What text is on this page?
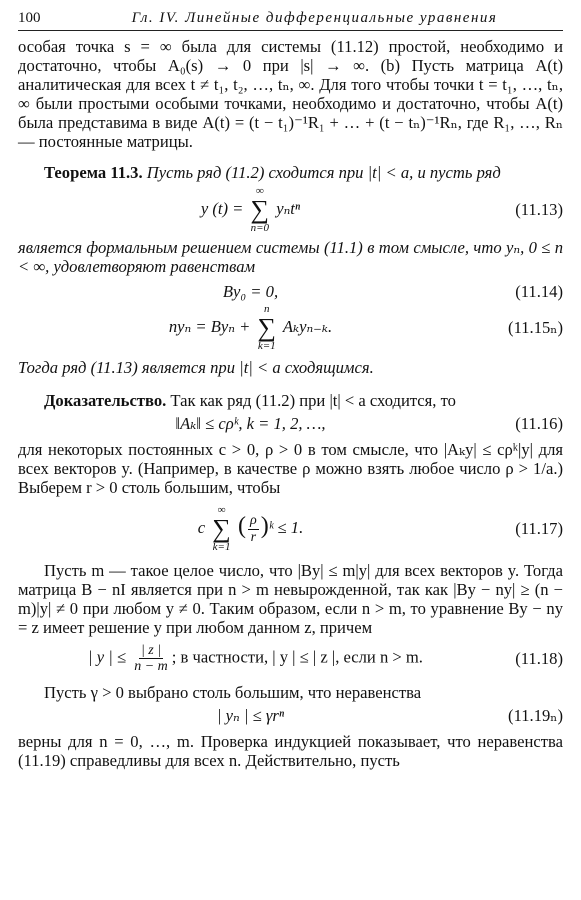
100	Гл. IV. Линейные дифференциальные уравнения

особая точка s = ∞ была для системы (11.12) простой, необходимо и достаточно, чтобы A₀(s) → 0 при |s| → ∞. (b) Пусть матрица A(t) аналитическая для всех t ≠ t₁, t₂, …, tₙ, ∞. Для того чтобы точки t = t₁, …, tₙ, ∞ были простыми особыми точками, необходимо и достаточно, чтобы A(t) была представима в виде A(t) = (t − t₁)⁻¹R₁ + … + (t − tₙ)⁻¹Rₙ, где R₁, …, Rₙ — постоянные матрицы.

Теорема 11.3. Пусть ряд (11.2) сходится при |t| < a, и пусть ряд

y (t) =
∞
∑
n=0
yₙtⁿ	(11.13)

является формальным решением системы (11.1) в том смысле, что yₙ, 0 ≤ n < ∞, удовлетворяют равенствам

By₀ = 0,	(11.14)
nyₙ = Byₙ +
n
∑
k=1
Aₖyₙ₋ₖ.	(11.15ₙ)

Тогда ряд (11.13) является при |t| < a сходящимся.

Доказательство. Так как ряд (11.2) при |t| < a сходится, то

‖Aₖ‖ ≤ cρᵏ, k = 1, 2, …,	(11.16)

для некоторых постоянных c > 0, ρ > 0 в том смысле, что |Aₖy| ≤ cρᵏ|y| для всех векторов y. (Например, в качестве ρ можно взять любое число ρ > 1/a.) Выберем r > 0 столь большим, чтобы

c
∞
∑
k=1
( $\frac{\rho}{r}$ )ᵏ ≤ 1.	(11.17)

Пусть m — такое целое число, что |By| ≤ m|y| для всех векторов y. Тогда матрица B − nI является при n > m невырожденной, так как |By − ny| ≥ (n − m)|y| ≠ 0 при любом y ≠ 0. Таким образом, если n > m, то уравнение By − ny = z имеет решение y при любом данном z, причем

| y | ≤ $\frac{| z |}{n - m}$ ; в частности, | y | ≤ | z |, если n > m.	(11.18)

Пусть γ > 0 выбрано столь большим, что неравенства

| yₙ | ≤ γrⁿ	(11.19ₙ)

верны для n = 0, …, m. Проверка индукцией показывает, что неравенства (11.19) справедливы для всех n. Действительно, пусть
